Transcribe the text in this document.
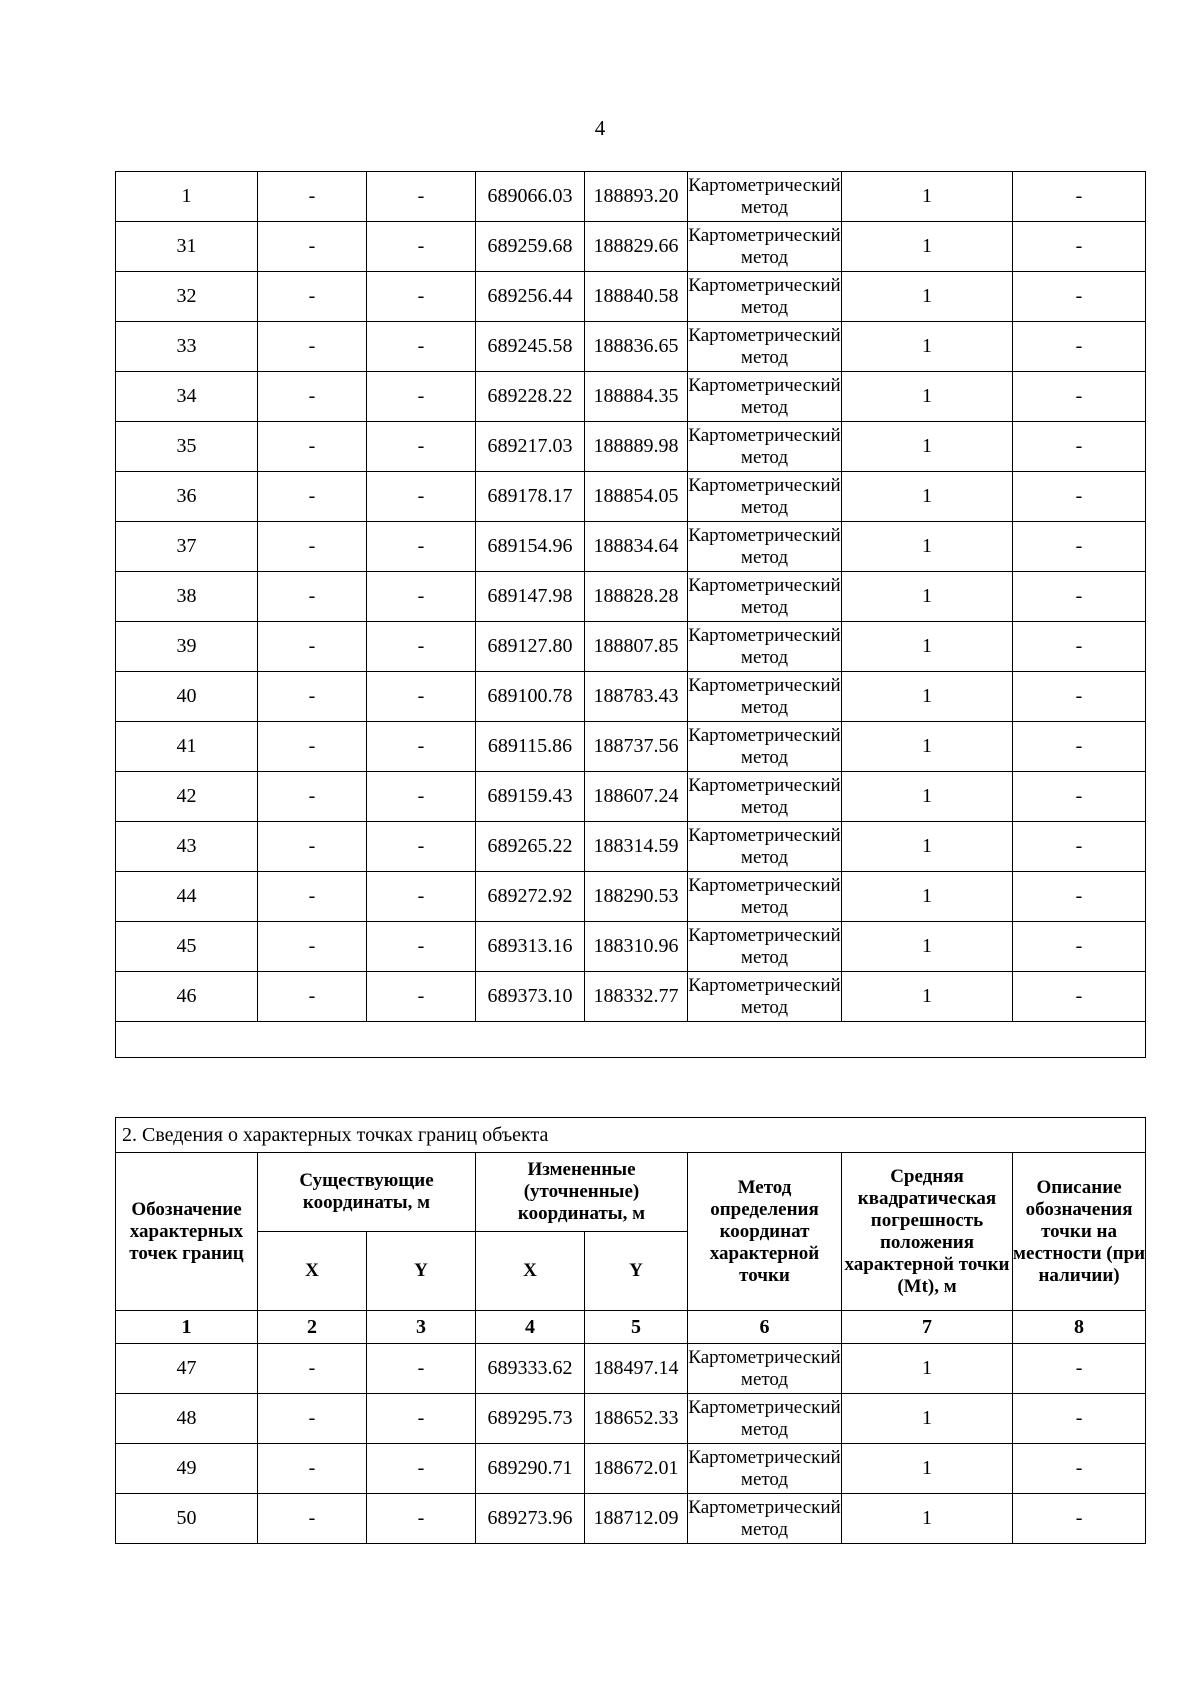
4
1	-	-	689066.03	188893.20	Картометрический метод	1	-
31	-	-	689259.68	188829.66	Картометрический метод	1	-
32	-	-	689256.44	188840.58	Картометрический метод	1	-
33	-	-	689245.58	188836.65	Картометрический метод	1	-
34	-	-	689228.22	188884.35	Картометрический метод	1	-
35	-	-	689217.03	188889.98	Картометрический метод	1	-
36	-	-	689178.17	188854.05	Картометрический метод	1	-
37	-	-	689154.96	188834.64	Картометрический метод	1	-
38	-	-	689147.98	188828.28	Картометрический метод	1	-
39	-	-	689127.80	188807.85	Картометрический метод	1	-
40	-	-	689100.78	188783.43	Картометрический метод	1	-
41	-	-	689115.86	188737.56	Картометрический метод	1	-
42	-	-	689159.43	188607.24	Картометрический метод	1	-
43	-	-	689265.22	188314.59	Картометрический метод	1	-
44	-	-	689272.92	188290.53	Картометрический метод	1	-
45	-	-	689313.16	188310.96	Картометрический метод	1	-
46	-	-	689373.10	188332.77	Картометрический метод	1	-

2. Сведения о характерных точках границ объекта							
Обозначение характерных точек границ	Существующие координаты, м		Измененные (уточненные) координаты, м		Метод определения координат характерной точки	Средняя квадратическая погрешность положения характерной точки (Mt), м	Описание обозначения точки на местности (при наличии)
	X	Y	X	Y			
1	2	3	4	5	6	7	8
47	-	-	689333.62	188497.14	Картометрический метод	1	-
48	-	-	689295.73	188652.33	Картометрический метод	1	-
49	-	-	689290.71	188672.01	Картометрический метод	1	-
50	-	-	689273.96	188712.09	Картометрический метод	1	-
